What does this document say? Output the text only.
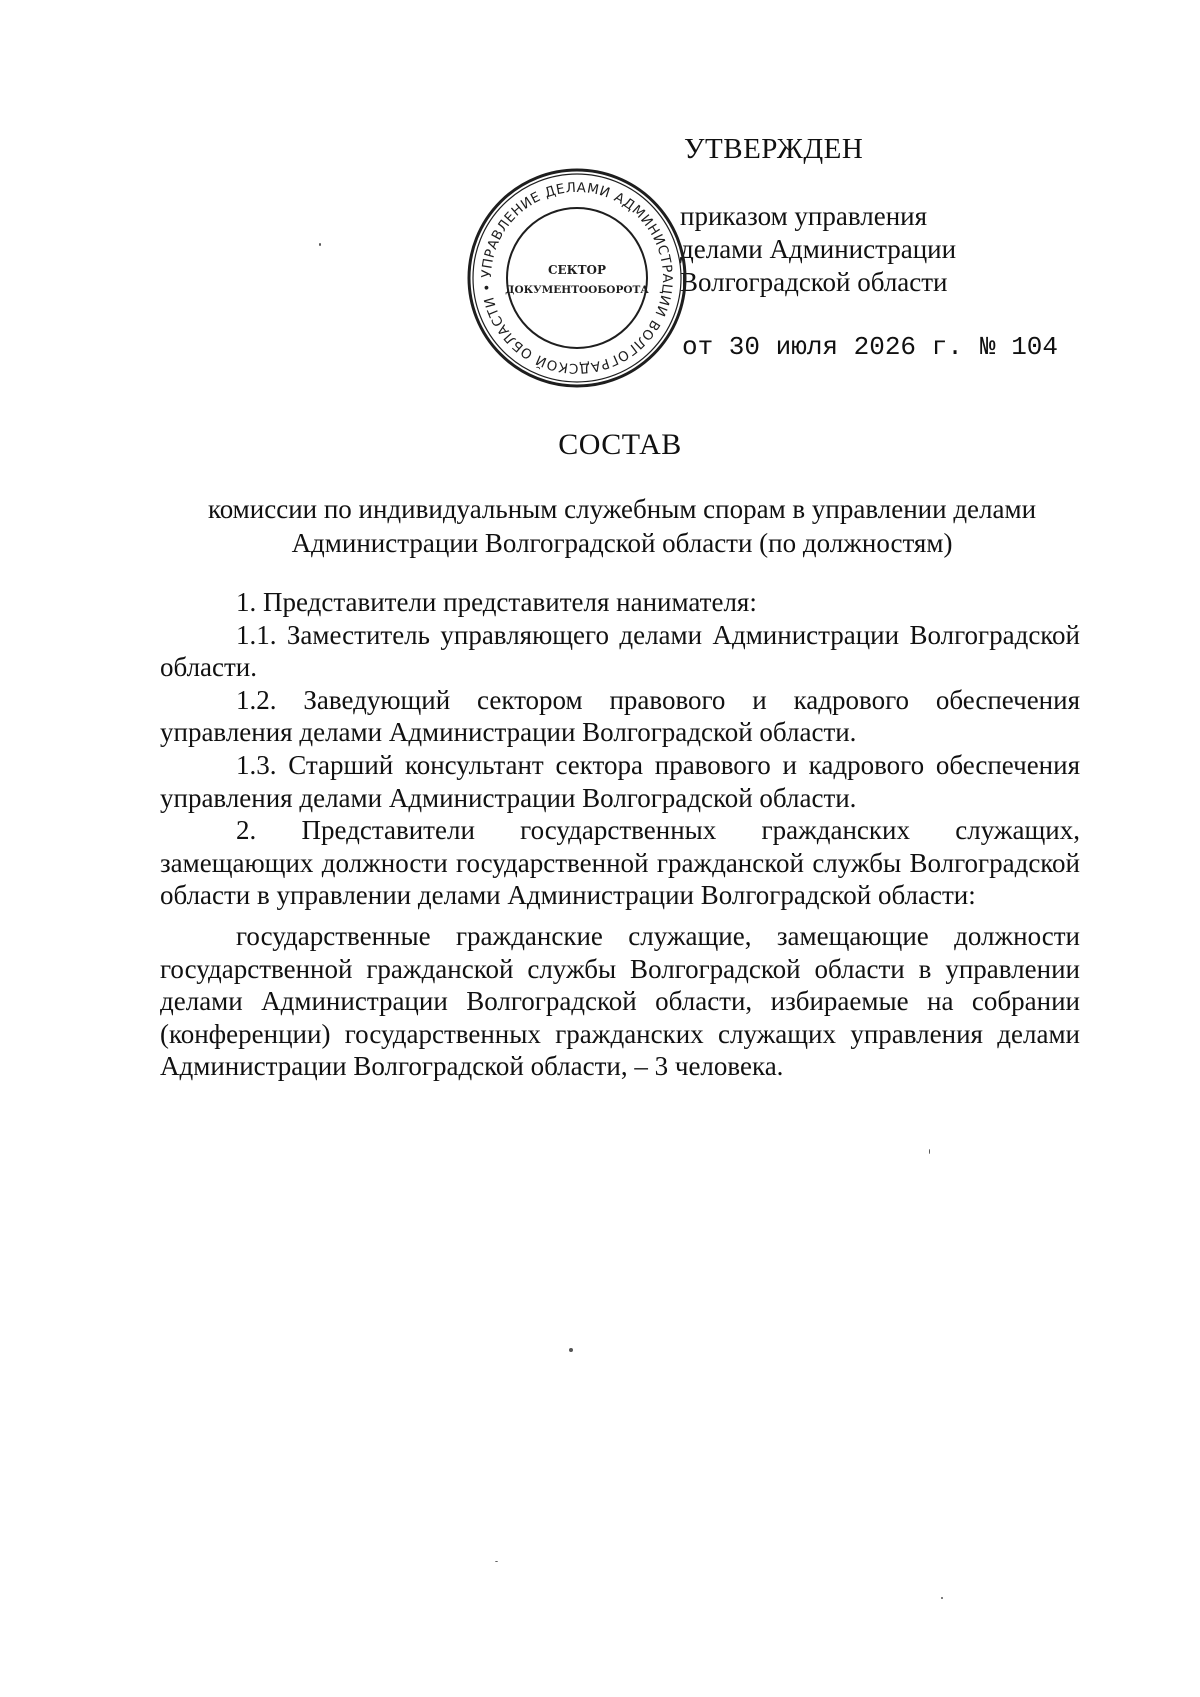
УТВЕРЖДЕН
приказом управления
делами Администрации
Волгоградской области
от 30 июля 2026 г. № 104
УПРАВЛЕНИЕ ДЕЛАМИ АДМИНИСТРАЦИИ ВОЛГОГРАДСКОЙ ОБЛАСТИ •
СЕКТОР
ДОКУМЕНТООБОРОТА
СОСТАВ
комиссии по индивидуальным служебным спорам в управлении делами
Администрации Волгоградской области (по должностям)

1. Представители представителя нанимателя:

1.1. Заместитель управляющего делами Администрации Волгоградской области.

1.2. Заведующий сектором правового и кадрового обеспечения управления делами Администрации Волгоградской области.

1.3. Старший консультант сектора правового и кадрового обеспечения управления делами Администрации Волгоградской области.

2. Представители государственных гражданских служащих, замещающих должности государственной гражданской службы Волгоградской области в управлении делами Администрации Волгоградской области:

государственные гражданские служащие, замещающие должности государственной гражданской службы Волгоградской области в управлении делами Администрации Волгоградской области, избираемые на собрании (конференции) государственных гражданских служащих управления делами Администрации Волгоградской области, – 3 человека.
